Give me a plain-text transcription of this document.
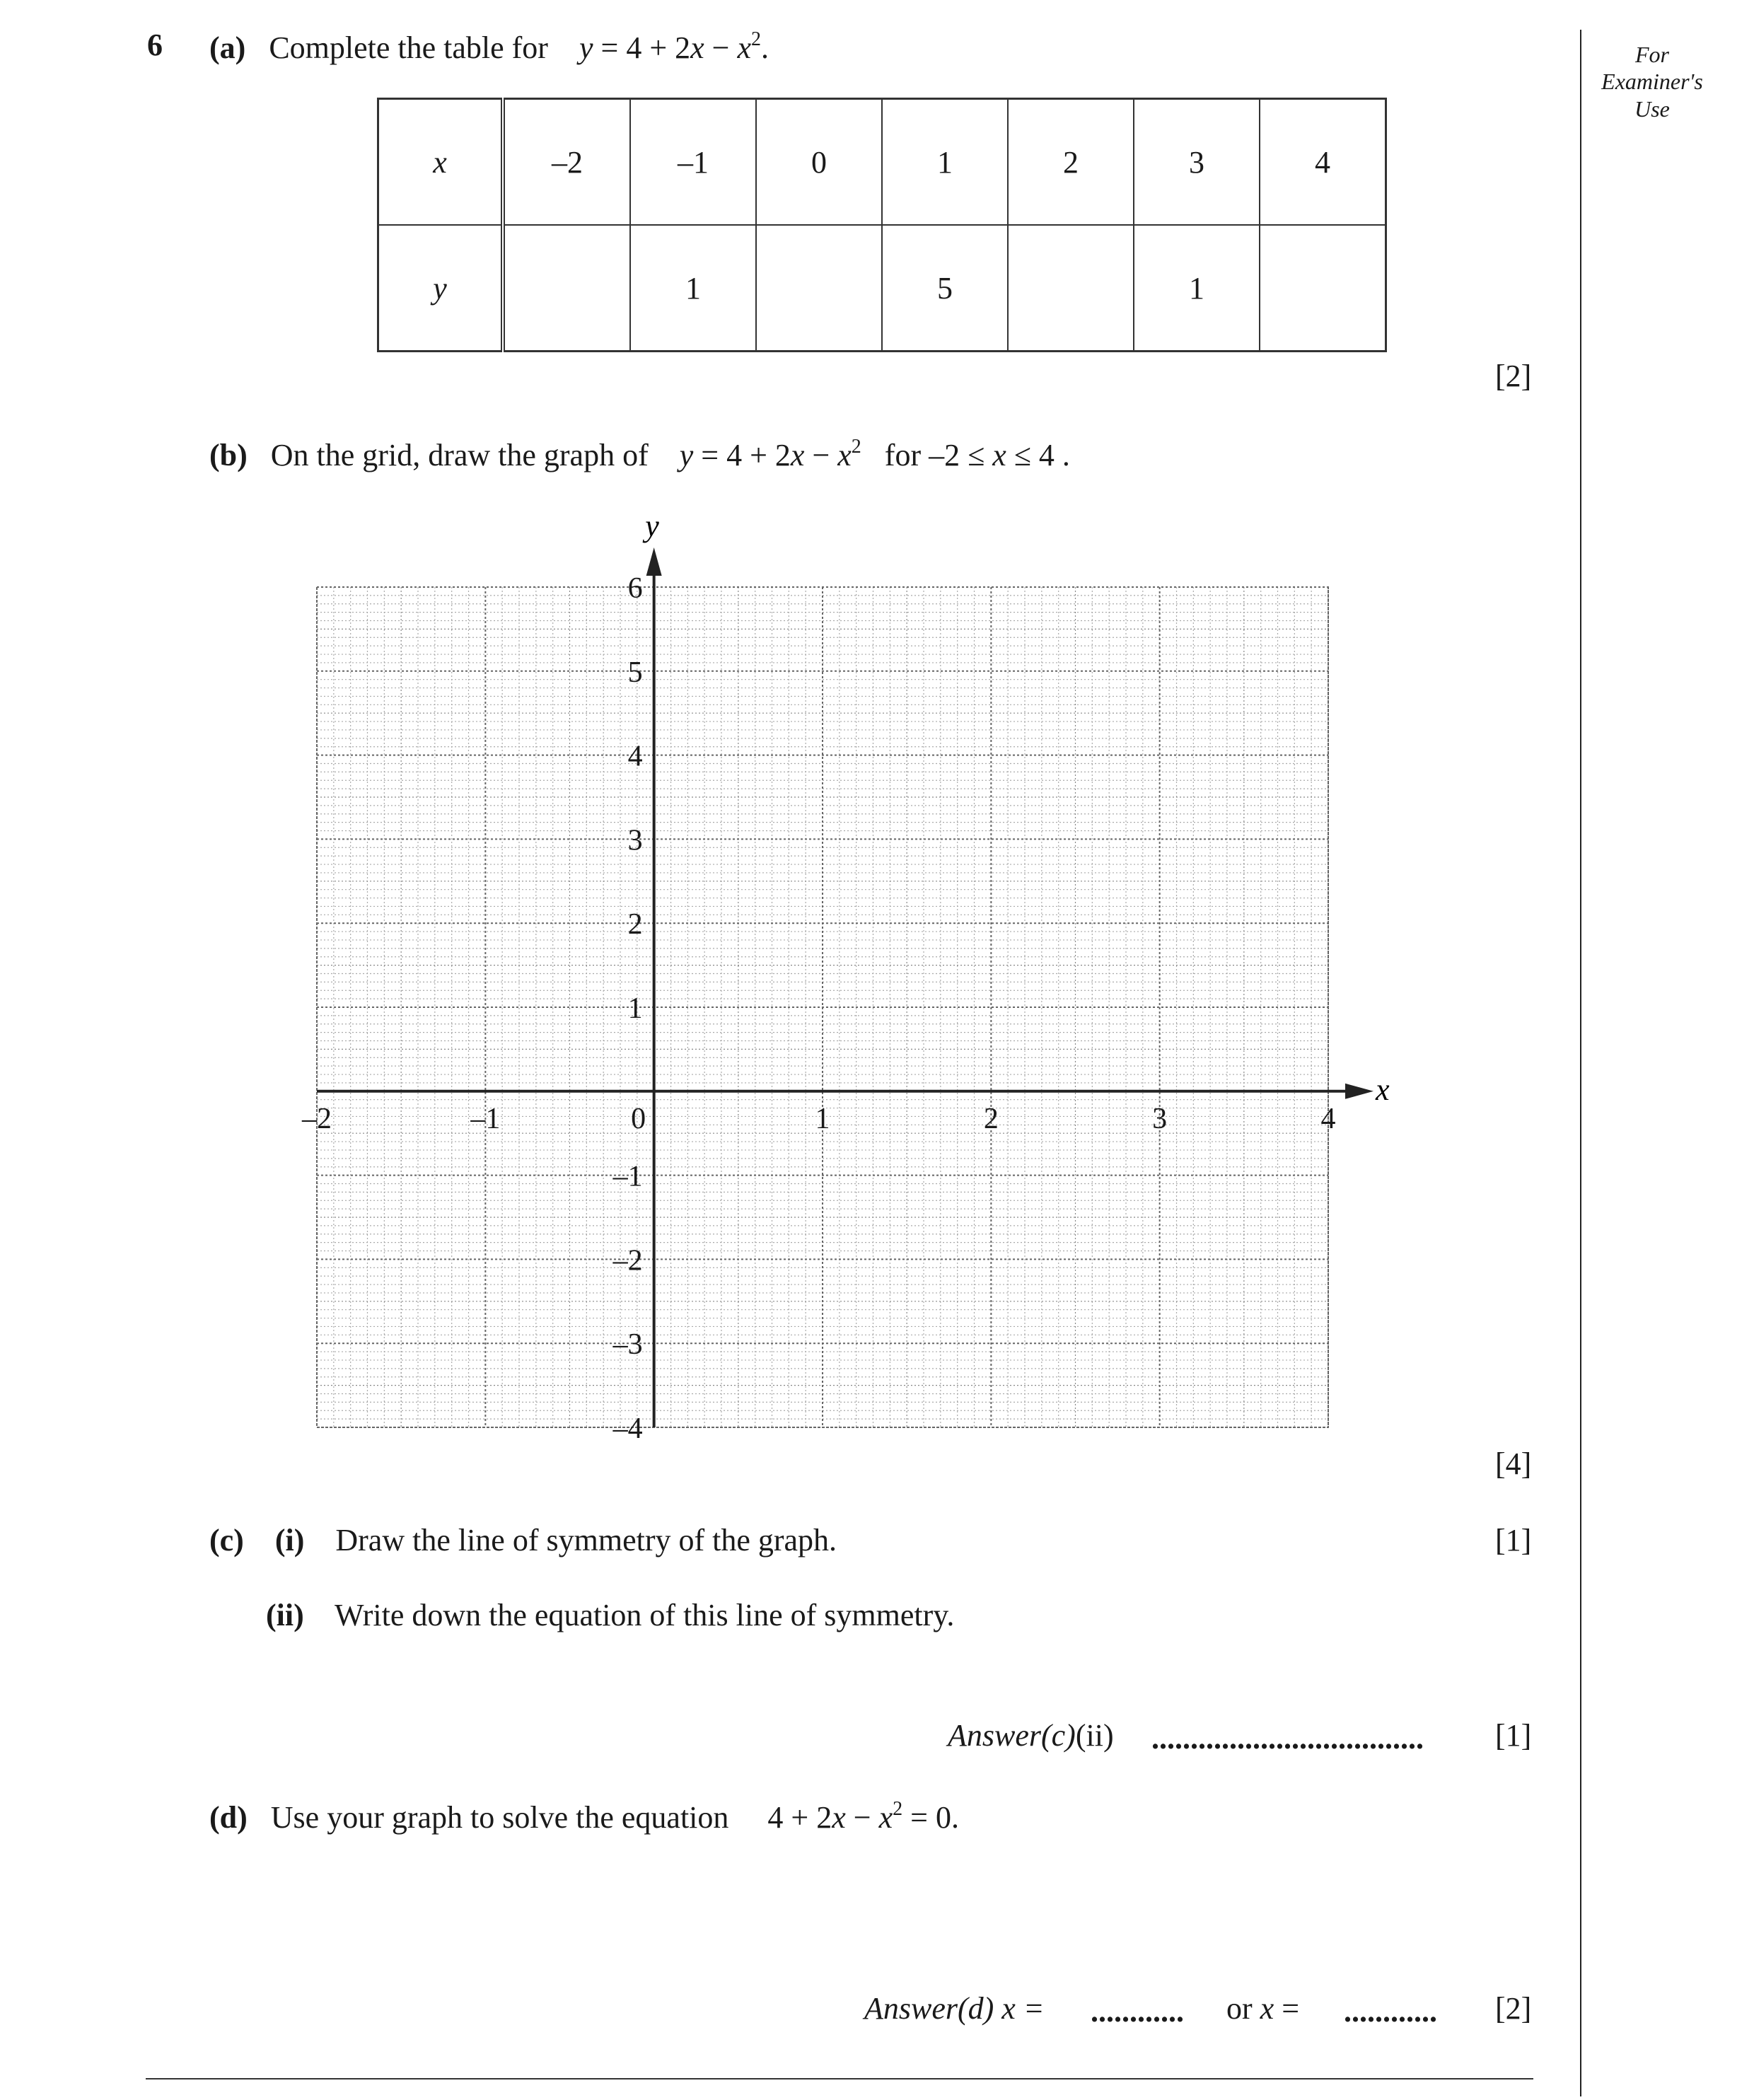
6	For
Examiner's
Use
(a) Complete the table for $y = 4 + 2x - x^2$.
x	–2	–1	0	1	2	3	4
y		1		5		1	
[2]
(b) On the grid, draw the graph of $y = 4 + 2x - x^2$ for –2 ≤ x ≤ 4 .
–2	–1	0	1	2	3	4
–4
–3
–2
–1
1
2
3
4
5
6
x
y
[4]
(c) (i) Draw the line of symmetry of the graph.	[1]
(ii) Write down the equation of this line of symmetry.
Answer(c)(ii) ................................... [1]
(d) Use your graph to solve the equation $4 + 2x - x^2 = 0$.
Answer(d) x = ............ or x = ............ [2]
